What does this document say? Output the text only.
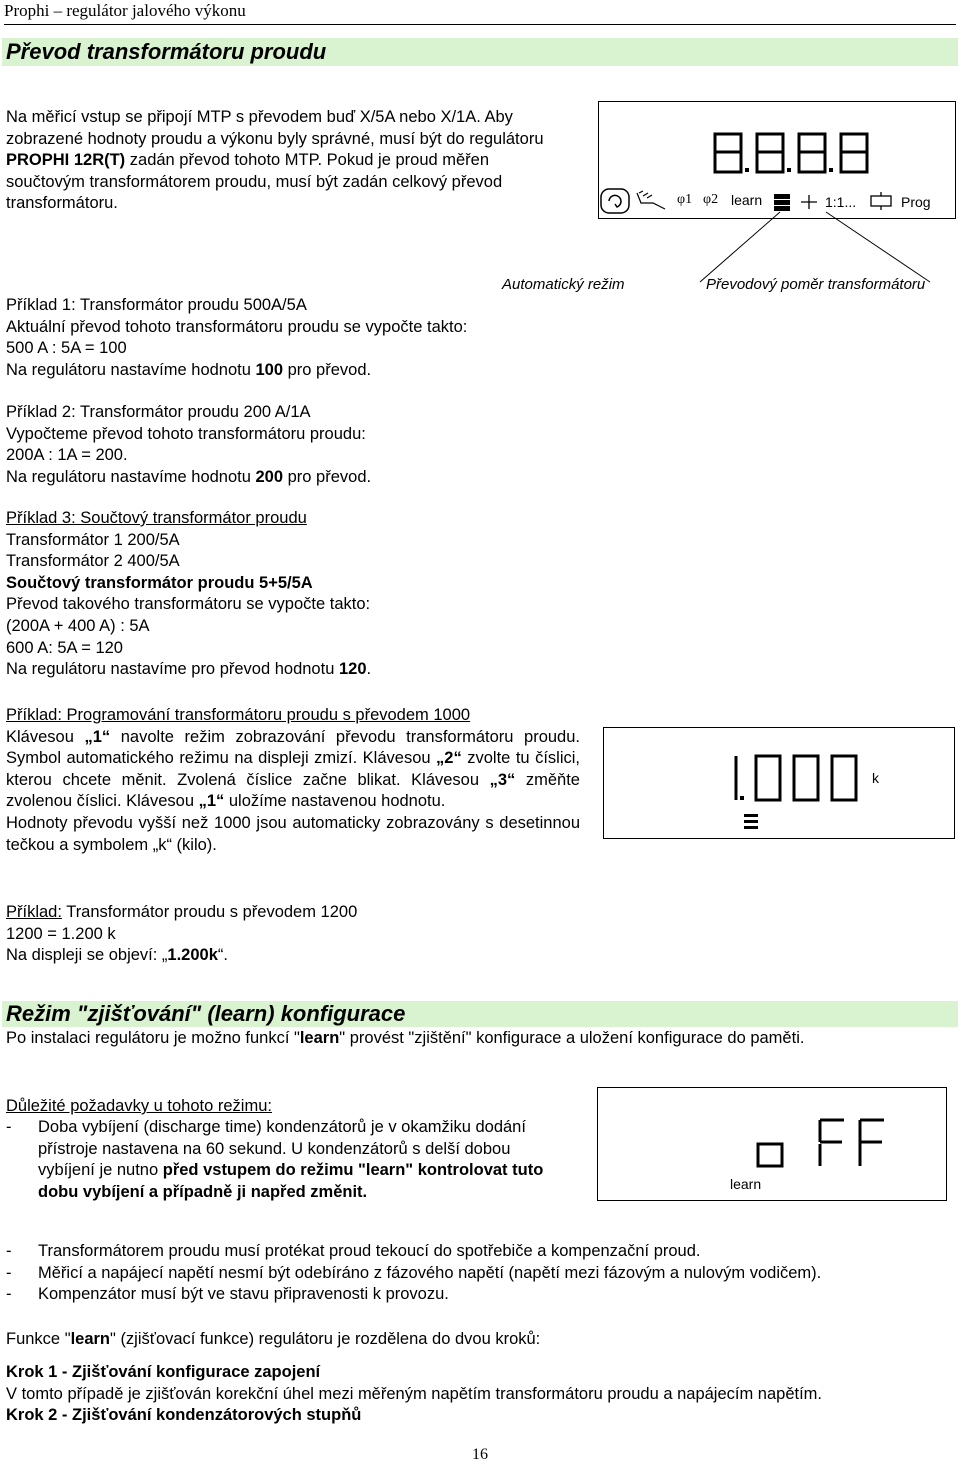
Prophi – regulátor jalového výkonu
Převod transformátoru proudu
Na měřicí vstup se připojí MTP s převodem buď X/5A nebo X/1A. Aby zobrazené hodnoty proudu a výkonu byly správné, musí být do regulátoru PROPHI 12R(T) zadán převod tohoto MTP. Pokud je proud měřen součtovým transformátorem proudu, musí být zadán celkový převod transformátoru.	φ1 φ2 learn	1:1...	Prog
Automatický režim	Převodový poměr transformátoru
Příklad 1: Transformátor proudu 500A/5A
Aktuální převod tohoto transformátoru proudu se vypočte takto:
500 A : 5A = 100
Na regulátoru nastavíme hodnotu 100 pro převod.
Příklad 2: Transformátor proudu 200 A/1A
Vypočteme převod tohoto transformátoru proudu:
200A : 1A = 200.
Na regulátoru nastavíme hodnotu 200 pro převod.
Příklad 3: Součtový transformátor proudu
Transformátor 1 200/5A
Transformátor 2 400/5A
Součtový transformátor proudu 5+5/5A
Převod takového transformátoru se vypočte takto:
(200A + 400 A) : 5A
600 A: 5A = 120
Na regulátoru nastavíme pro převod hodnotu 120.
Příklad: Programování transformátoru proudu s převodem 1000
Klávesou „1“ navolte režim zobrazování převodu transformátoru proudu. Symbol automatického režimu na displeji zmizí. Klávesou „2“ zvolte tu číslici, kterou chcete měnit. Zvolená číslice začne blikat. Klávesou „3“ změňte zvolenou číslici. Klávesou „1“ uložíme nastavenou hodnotu.
Hodnoty převodu vyšší než 1000 jsou automaticky zobrazovány s desetinnou tečkou a symbolem „k“ (kilo).
k
Příklad: Transformátor proudu s převodem 1200
1200 = 1.200 k
Na displeji se objeví: „1.200k“.
Režim "zjišťování" (learn) konfigurace
Po instalaci regulátoru je možno funkcí "learn" provést "zjištění" konfigurace a uložení konfigurace do paměti.
Důležité požadavky u tohoto režimu:
- Doba vybíjení (discharge time) kondenzátorů je v okamžiku dodání přístroje nastavena na 60 sekund. U kondenzátorů s delší dobou vybíjení je nutno před vstupem do režimu "learn" kontrolovat tuto dobu vybíjení a případně ji napřed změnit.	learn
- Transformátorem proudu musí protékat proud tekoucí do spotřebiče a kompenzační proud.
- Měřicí a napájecí napětí nesmí být odebíráno z fázového napětí (napětí mezi fázovým a nulovým vodičem).
- Kompenzátor musí být ve stavu připravenosti k provozu.
Funkce "learn" (zjišťovací funkce) regulátoru je rozdělena do dvou kroků:
Krok 1 - Zjišťování konfigurace zapojení
V tomto případě je zjišťován korekční úhel mezi měřeným napětím transformátoru proudu a napájecím napětím.
Krok 2 - Zjišťování kondenzátorových stupňů
16
